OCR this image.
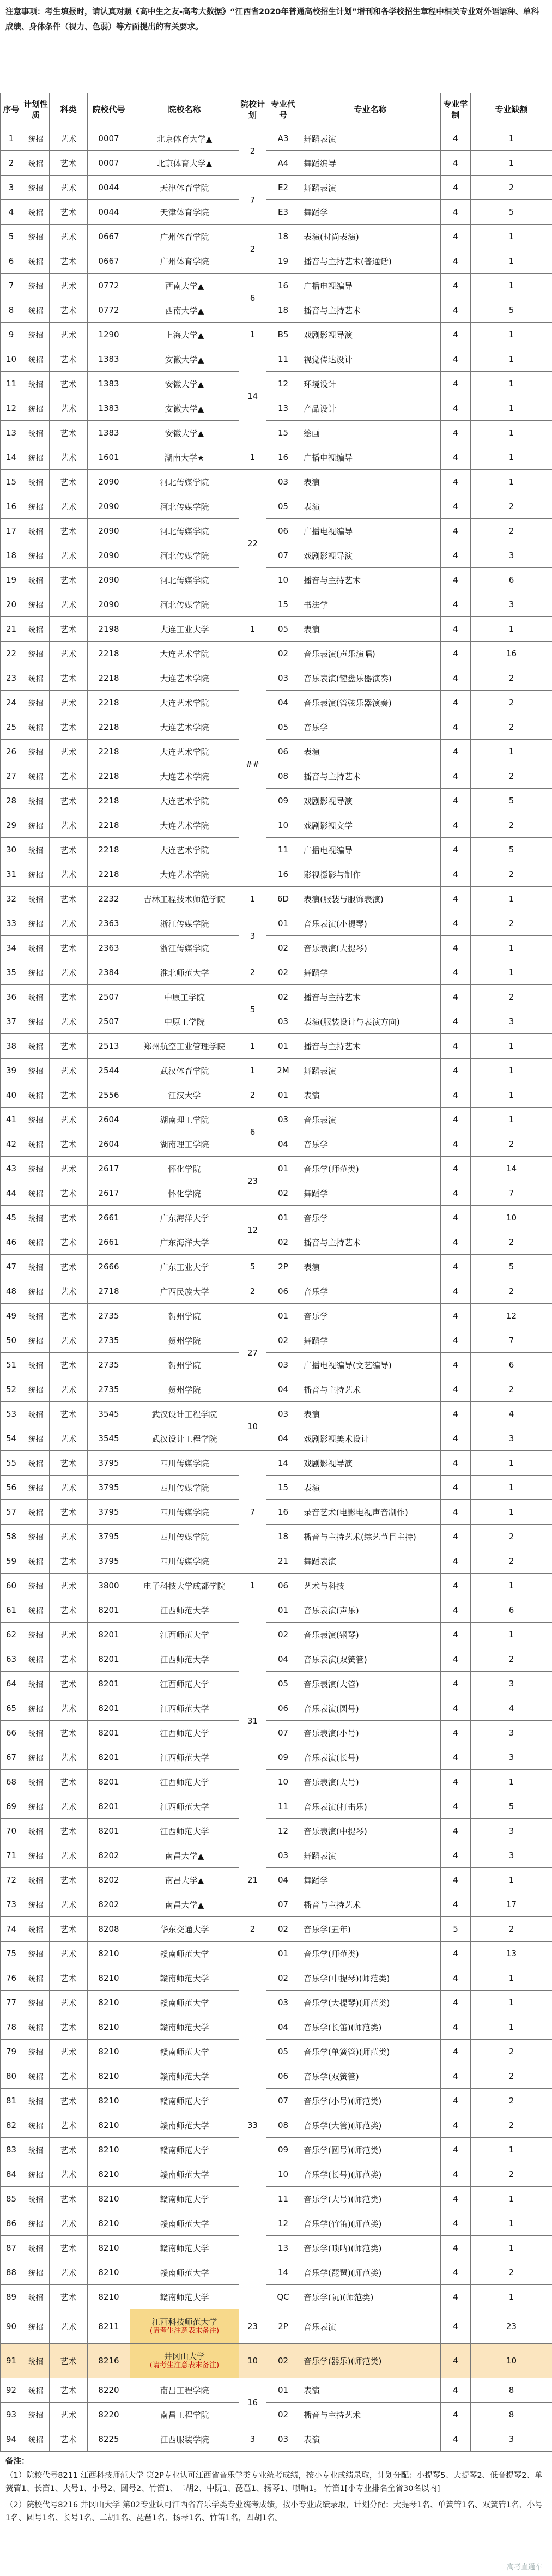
注意事项：考生填报时，请认真对照《高中生之友-高考大数据》“江西省2020年普通高校招生计划”增刊和各学校招生章程中相关专业对外语语种、单科成绩、身体条件（视力、色弱）等方面提出的有关要求。
序号	计划性质	科类	院校代号	院校名称	院校计划	专业代号	专业名称	专业学制	专业缺额
1	统招	艺术	0007	北京体育大学▲	2	A3	舞蹈表演	4	1
2	统招	艺术	0007	北京体育大学▲		A4	舞蹈编导	4	1
3	统招	艺术	0044	天津体育学院	7	E2	舞蹈表演	4	2
4	统招	艺术	0044	天津体育学院		E3	舞蹈学	4	5
5	统招	艺术	0667	广州体育学院	2	18	表演(时尚表演)	4	1
6	统招	艺术	0667	广州体育学院		19	播音与主持艺术(普通话)	4	1
7	统招	艺术	0772	西南大学▲	6	16	广播电视编导	4	1
8	统招	艺术	0772	西南大学▲		18	播音与主持艺术	4	5
9	统招	艺术	1290	上海大学▲	1	B5	戏剧影视导演	4	1
10	统招	艺术	1383	安徽大学▲	14	11	视觉传达设计	4	1
11	统招	艺术	1383	安徽大学▲		12	环境设计	4	1
12	统招	艺术	1383	安徽大学▲		13	产品设计	4	1
13	统招	艺术	1383	安徽大学▲		15	绘画	4	1
14	统招	艺术	1601	湖南大学★	1	16	广播电视编导	4	1
15	统招	艺术	2090	河北传媒学院	22	03	表演	4	1
16	统招	艺术	2090	河北传媒学院		05	表演	4	2
17	统招	艺术	2090	河北传媒学院		06	广播电视编导	4	2
18	统招	艺术	2090	河北传媒学院		07	戏剧影视导演	4	3
19	统招	艺术	2090	河北传媒学院		10	播音与主持艺术	4	6
20	统招	艺术	2090	河北传媒学院		15	书法学	4	3
21	统招	艺术	2198	大连工业大学	1	05	表演	4	1
22	统招	艺术	2218	大连艺术学院	##	02	音乐表演(声乐演唱)	4	16
23	统招	艺术	2218	大连艺术学院		03	音乐表演(键盘乐器演奏)	4	2
24	统招	艺术	2218	大连艺术学院		04	音乐表演(管弦乐器演奏)	4	2
25	统招	艺术	2218	大连艺术学院		05	音乐学	4	2
26	统招	艺术	2218	大连艺术学院		06	表演	4	1
27	统招	艺术	2218	大连艺术学院		08	播音与主持艺术	4	2
28	统招	艺术	2218	大连艺术学院		09	戏剧影视导演	4	5
29	统招	艺术	2218	大连艺术学院		10	戏剧影视文学	4	2
30	统招	艺术	2218	大连艺术学院		11	广播电视编导	4	5
31	统招	艺术	2218	大连艺术学院		16	影视摄影与制作	4	2
32	统招	艺术	2232	吉林工程技术师范学院	1	6D	表演(服装与服饰表演)	4	1
33	统招	艺术	2363	浙江传媒学院	3	01	音乐表演(小提琴)	4	2
34	统招	艺术	2363	浙江传媒学院		02	音乐表演(大提琴)	4	1
35	统招	艺术	2384	淮北师范大学	2	02	舞蹈学	4	1
36	统招	艺术	2507	中原工学院	5	02	播音与主持艺术	4	2
37	统招	艺术	2507	中原工学院		03	表演(服装设计与表演方向)	4	3
38	统招	艺术	2513	郑州航空工业管理学院	1	01	播音与主持艺术	4	1
39	统招	艺术	2544	武汉体育学院	1	2M	舞蹈表演	4	1
40	统招	艺术	2556	江汉大学	2	01	表演	4	1
41	统招	艺术	2604	湖南理工学院	6	03	音乐表演	4	1
42	统招	艺术	2604	湖南理工学院		04	音乐学	4	2
43	统招	艺术	2617	怀化学院	23	01	音乐学(师范类)	4	14
44	统招	艺术	2617	怀化学院		02	舞蹈学	4	7
45	统招	艺术	2661	广东海洋大学	12	01	音乐学	4	10
46	统招	艺术	2661	广东海洋大学		02	播音与主持艺术	4	2
47	统招	艺术	2666	广东工业大学	5	2P	表演	4	5
48	统招	艺术	2718	广西民族大学	2	06	音乐学	4	2
49	统招	艺术	2735	贺州学院	27	01	音乐学	4	12
50	统招	艺术	2735	贺州学院		02	舞蹈学	4	7
51	统招	艺术	2735	贺州学院		03	广播电视编导(文艺编导)	4	6
52	统招	艺术	2735	贺州学院		04	播音与主持艺术	4	2
53	统招	艺术	3545	武汉设计工程学院	10	03	表演	4	4
54	统招	艺术	3545	武汉设计工程学院		04	戏剧影视美术设计	4	3
55	统招	艺术	3795	四川传媒学院	7	14	戏剧影视导演	4	1
56	统招	艺术	3795	四川传媒学院		15	表演	4	1
57	统招	艺术	3795	四川传媒学院		16	录音艺术(电影电视声音制作)	4	1
58	统招	艺术	3795	四川传媒学院		18	播音与主持艺术(综艺节目主持)	4	2
59	统招	艺术	3795	四川传媒学院		21	舞蹈表演	4	2
60	统招	艺术	3800	电子科技大学成都学院	1	06	艺术与科技	4	1
61	统招	艺术	8201	江西师范大学	31	01	音乐表演(声乐)	4	6
62	统招	艺术	8201	江西师范大学		02	音乐表演(钢琴)	4	1
63	统招	艺术	8201	江西师范大学		04	音乐表演(双簧管)	4	2
64	统招	艺术	8201	江西师范大学		05	音乐表演(大管)	4	3
65	统招	艺术	8201	江西师范大学		06	音乐表演(圆号)	4	4
66	统招	艺术	8201	江西师范大学		07	音乐表演(小号)	4	3
67	统招	艺术	8201	江西师范大学		09	音乐表演(长号)	4	3
68	统招	艺术	8201	江西师范大学		10	音乐表演(大号)	4	1
69	统招	艺术	8201	江西师范大学		11	音乐表演(打击乐)	4	5
70	统招	艺术	8201	江西师范大学		12	音乐表演(中提琴)	4	3
71	统招	艺术	8202	南昌大学▲	21	03	舞蹈表演	4	3
72	统招	艺术	8202	南昌大学▲		04	舞蹈学	4	1
73	统招	艺术	8202	南昌大学▲		07	播音与主持艺术	4	17
74	统招	艺术	8208	华东交通大学	2	02	音乐学(五年)	5	2
75	统招	艺术	8210	赣南师范大学	33	01	音乐学(师范类)	4	13
76	统招	艺术	8210	赣南师范大学		02	音乐学(中提琴)(师范类)	4	1
77	统招	艺术	8210	赣南师范大学		03	音乐学(大提琴)(师范类)	4	1
78	统招	艺术	8210	赣南师范大学		04	音乐学(长笛)(师范类)	4	1
79	统招	艺术	8210	赣南师范大学		05	音乐学(单簧管)(师范类)	4	2
80	统招	艺术	8210	赣南师范大学		06	音乐学(双簧管)	4	2
81	统招	艺术	8210	赣南师范大学		07	音乐学(小号)(师范类)	4	2
82	统招	艺术	8210	赣南师范大学		08	音乐学(大管)(师范类)	4	2
83	统招	艺术	8210	赣南师范大学		09	音乐学(圆号)(师范类)	4	1
84	统招	艺术	8210	赣南师范大学		10	音乐学(长号)(师范类)	4	2
85	统招	艺术	8210	赣南师范大学		11	音乐学(大号)(师范类)	4	1
86	统招	艺术	8210	赣南师范大学		12	音乐学(竹笛)(师范类)	4	1
87	统招	艺术	8210	赣南师范大学		13	音乐学(唢呐)(师范类)	4	1
88	统招	艺术	8210	赣南师范大学		14	音乐学(琵琶)(师范类)	4	2
89	统招	艺术	8210	赣南师范大学		QC	音乐学(阮)(师范类)	4	1
90	统招	艺术	8211	江西科技师范大学
(请考生注意表末备注)	23	2P	音乐表演	4	23
91	统招	艺术	8216	井冈山大学
(请考生注意表末备注)	10	02	音乐学(器乐)(师范类)	4	10
92	统招	艺术	8220	南昌工程学院	16	01	表演	4	8
93	统招	艺术	8220	南昌工程学院		02	播音与主持艺术	4	8
94	统招	艺术	8225	江西服装学院	3	03	表演	4	3
备注：

（1）院校代号8211 江西科技师范大学 第2P专业认可江西省音乐学类专业统考成绩，按小专业成绩录取，计划分配：小提琴5、大提琴2、低音提琴2、单簧管1、长笛1、大号1、小号2、圆号2、竹笛1、二胡2、中阮1、琵琶1、扬琴1、唢呐1。 竹笛1[小专业排名全省30名以内]

（2）院校代号8216 井冈山大学 第02专业认可江西省音乐学类专业统考成绩，按小专业成绩录取，计划分配：大提琴1名、单簧管1名、双簧管1名、小号1名、圆号1名、长号1名、二胡1名、琵琶1名、扬琴1名、竹笛1名，四胡1名。

高考直通车
